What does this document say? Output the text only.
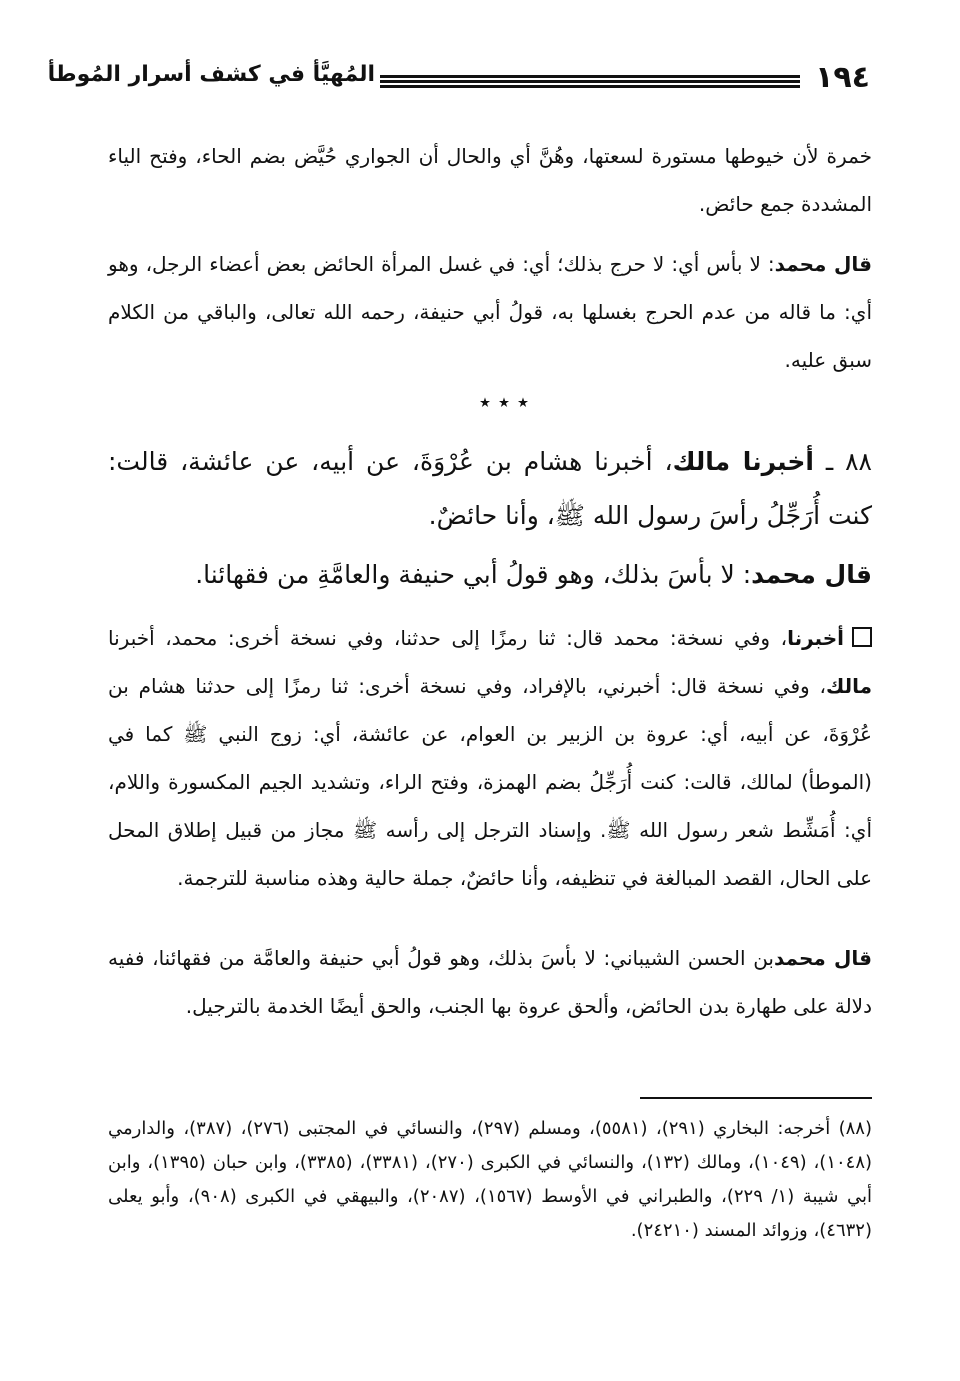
١٩٤
المُهيَّأ في كشف أسرار المُوطأ

خمرة لأن خيوطها مستورة لسعتها، وهُنَّ أي والحال أن الجواري حُيَّض بضم الحاء، وفتح الياء المشددة جمع حائض.

قال محمد: لا بأس أي: لا حرج بذلك؛ أي: في غسل المرأة الحائض بعض أعضاء الرجل، وهو أي: ما قاله من عدم الحرج بغسلها به، قولُ أبي حنيفة، رحمه الله تعالى، والباقي من الكلام سبق عليه.

٭ ٭ ٭

٨٨ ـ أخبرنا مالك، أخبرنا هشام بن عُرْوَةَ، عن أبيه، عن عائشة، قالت: كنت أُرَجِّلُ رأسَ رسول الله ﷺ، وأنا حائضٌ.

قال محمد: لا بأسَ بذلك، وهو قولُ أبي حنيفة والعامَّةِ من فقهائنا.

أخبرنا، وفي نسخة: محمد قال: ثنا رمزًا إلى حدثنا، وفي نسخة أخرى: محمد، أخبرنا مالك، وفي نسخة قال: أخبرني، بالإفراد، وفي نسخة أخرى: ثنا رمزًا إلى حدثنا هشام بن عُرْوَةَ، عن أبيه، أي: عروة بن الزبير بن العوام، عن عائشة، أي: زوج النبي ﷺ كما في (الموطأ) لمالك، قالت: كنت أُرَجِّلُ بضم الهمزة، وفتح الراء، وتشديد الجيم المكسورة واللام، أي: أُمَشِّط شعر رسول الله ﷺ. وإسناد الترجل إلى رأسه ﷺ مجاز من قبيل إطلاق المحل على الحال، القصد المبالغة في تنظيفه، وأنا حائضٌ، جملة حالية وهذه مناسبة للترجمة.

قال محمدبن الحسن الشيباني: لا بأسَ بذلك، وهو قولُ أبي حنيفة والعامَّة من فقهائنا، ففيه دلالة على طهارة بدن الحائض، وألحق عروة بها الجنب، والحق أيضًا الخدمة بالترجيل.

(٨٨) أخرجه: البخاري (٢٩١)، (٥٥٨١)، ومسلم (٢٩٧)، والنسائي في المجتبى (٢٧٦)، (٣٨٧)، والدارمي (١٠٤٨)، (١٠٤٩)، ومالك (١٣٢)، والنسائي في الكبرى (٢٧٠)، (٣٣٨١)، (٣٣٨٥)، وابن حبان (١٣٩٥)، وابن أبي شيبة (١/ ٢٢٩)، والطبراني في الأوسط (١٥٦٧)، (٢٠٨٧)، والبيهقي في الكبرى (٩٠٨)، وأبو يعلى (٤٦٣٢)، وزوائد المسند (٢٤٢١٠).
